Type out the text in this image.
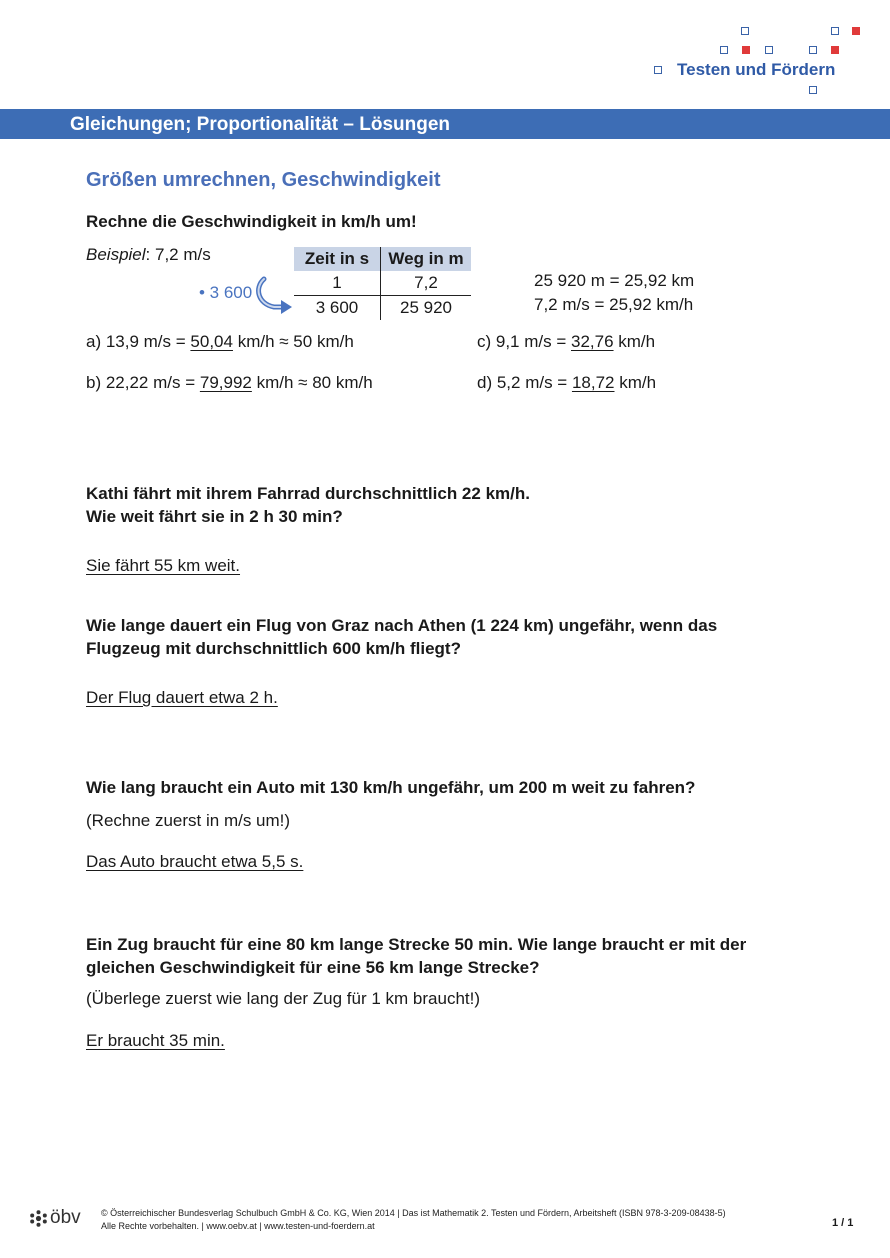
Testen und Fördern
Gleichungen; Proportionalität – Lösungen
Größen umrechnen, Geschwindigkeit
Rechne die Geschwindigkeit in km/h um!
Beispiel: 7,2 m/s	Zeit in s	Weg in m
1	7,2
3 600	25 920
• 3 600
25 920 m = 25,92 km
7,2 m/s = 25,92 km/h
a) 13,9 m/s = 50,04 km/h ≈ 50 km/h	c) 9,1 m/s = 32,76 km/h
b) 22,22 m/s = 79,992 km/h ≈ 80 km/h	d) 5,2 m/s = 18,72 km/h
Kathi fährt mit ihrem Fahrrad durchschnittlich 22 km/h.
Wie weit fährt sie in 2 h 30 min?
Sie fährt 55 km weit.
Wie lange dauert ein Flug von Graz nach Athen (1 224 km) ungefähr, wenn das
Flugzeug mit durchschnittlich 600 km/h fliegt?
Der Flug dauert etwa 2 h.
Wie lang braucht ein Auto mit 130 km/h ungefähr, um 200 m weit zu fahren?
(Rechne zuerst in m/s um!)
Das Auto braucht etwa 5,5 s.
Ein Zug braucht für eine 80 km lange Strecke 50 min. Wie lange braucht er mit der
gleichen Geschwindigkeit für eine 56 km lange Strecke?
(Überlege zuerst wie lang der Zug für 1 km braucht!)
Er braucht 35 min.
öbv © Österreichischer Bundesverlag Schulbuch GmbH & Co. KG, Wien 2014 | Das ist Mathematik 2. Testen und Fördern, Arbeitsheft (ISBN 978-3-209-08438-5)
Alle Rechte vorbehalten. | www.oebv.at | www.testen-und-foerdern.at	1 / 1
